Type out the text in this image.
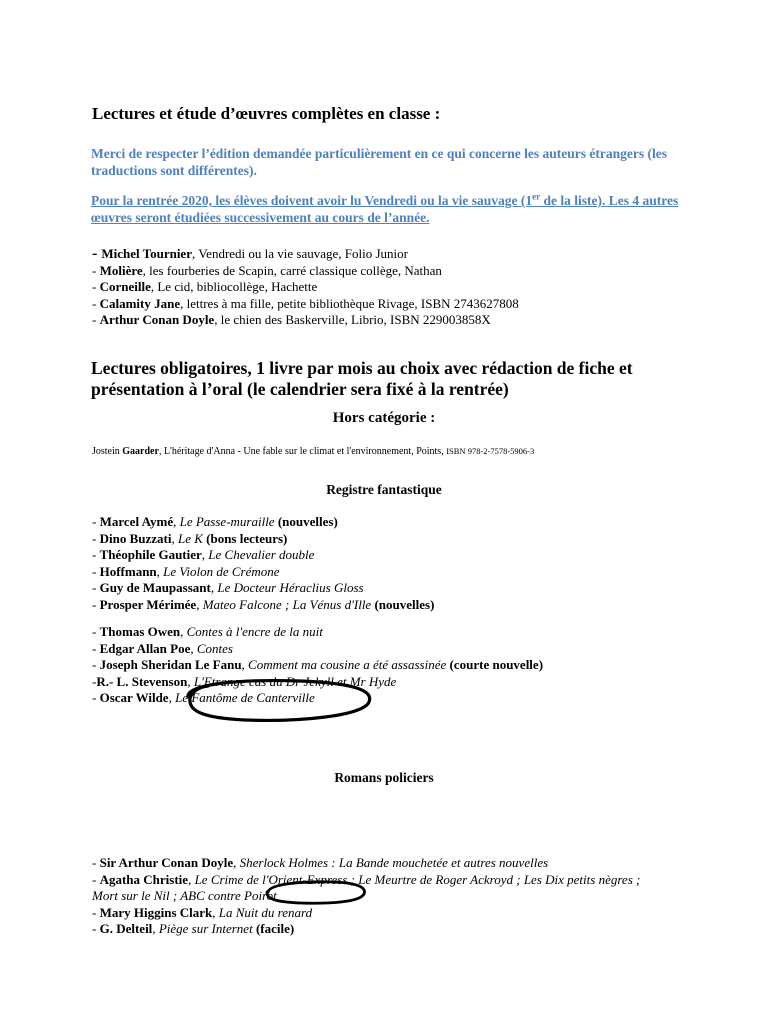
Lectures et étude d’œuvres complètes en classe :
Merci de respecter l’édition demandée particulièrement en ce qui concerne les auteurs étrangers (les traductions sont différentes).
Pour la rentrée 2020, les élèves doivent avoir lu Vendredi ou la vie sauvage (1er de la liste). Les 4 autres œuvres seront étudiées successivement au cours de l’année.
- Michel Tournier, Vendredi ou la vie sauvage, Folio Junior
- Molière, les fourberies de Scapin, carré classique collège, Nathan
- Corneille, Le cid, bibliocollège, Hachette
- Calamity Jane, lettres à ma fille, petite bibliothèque Rivage, ISBN 2743627808
- Arthur Conan Doyle, le chien des Baskerville, Librio, ISBN 229003858X
Lectures obligatoires, 1 livre par mois au choix avec rédaction de fiche et présentation à l’oral (le calendrier sera fixé à la rentrée)
Hors catégorie :
Jostein Gaarder, L'héritage d'Anna - Une fable sur le climat et l'environnement, Points, ISBN 978-2-7578-5906-3
Registre fantastique
- Marcel Aymé, Le Passe-muraille (nouvelles)
- Dino Buzzati, Le K (bons lecteurs)
- Théophile Gautier, Le Chevalier double
- Hoffmann, Le Violon de Crémone
- Guy de Maupassant, Le Docteur Héraclius Gloss
- Prosper Mérimée, Mateo Falcone ; La Vénus d'Ille (nouvelles)
- Thomas Owen, Contes à l'encre de la nuit
- Edgar Allan Poe, Contes
- Joseph Sheridan Le Fanu, Comment ma cousine a été assassinée (courte nouvelle)
-R.- L. Stevenson, L'Etrange cas du Dr Jekyll et Mr Hyde
- Oscar Wilde, Le Fantôme de Canterville
Romans policiers
- Sir Arthur Conan Doyle, Sherlock Holmes : La Bande mouchetée et autres nouvelles
- Agatha Christie, Le Crime de l'Orient-Express ; Le Meurtre de Roger Ackroyd ; Les Dix petits nègres ; Mort sur le Nil ; ABC contre Poirot
- Mary Higgins Clark, La Nuit du renard
- G. Delteil, Piège sur Internet (facile)
